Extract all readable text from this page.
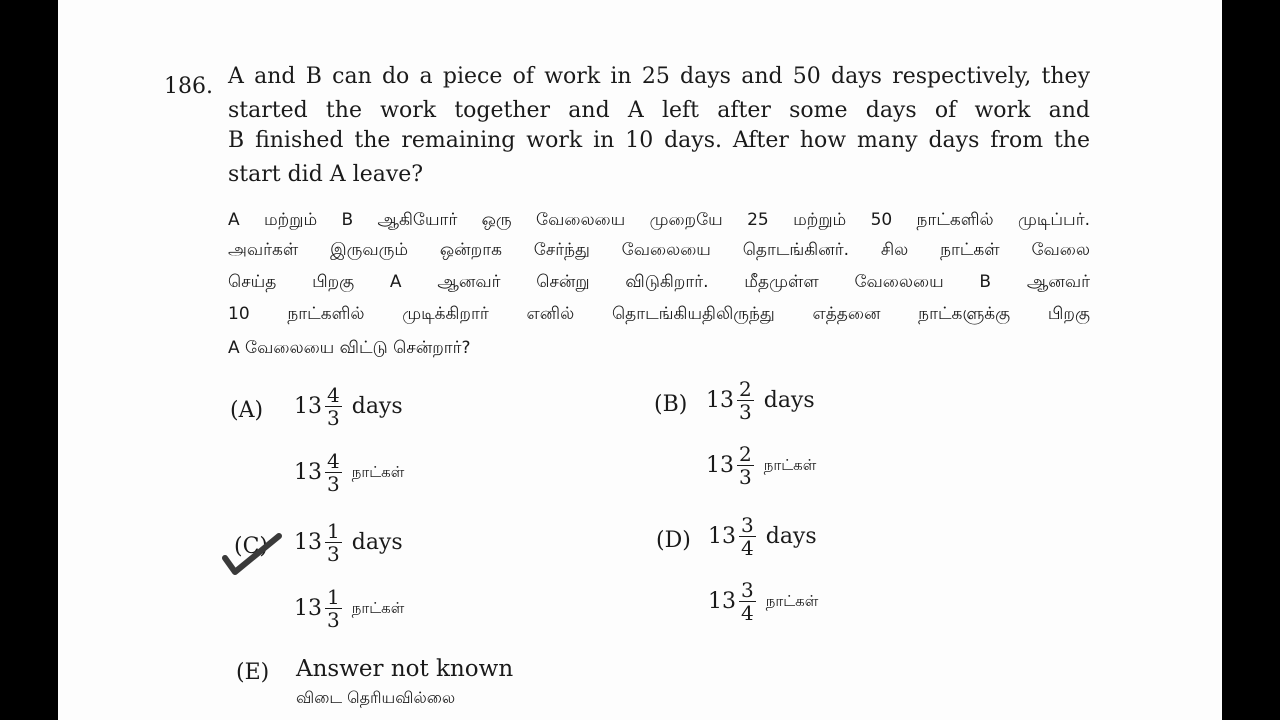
186. A and B can do a piece of work in 25 days and 50 days respectively, they
started the work together and A left after some days of work and
B finished the remaining work in 10 days. After how many days from the
start did A leave?
A மற்றும் B ஆகியோர் ஒரு வேலையை முறையே 25 மற்றும் 50 நாட்களில் முடிப்பர்.
அவர்கள் இருவரும் ஒன்றாக சேர்ந்து வேலையை தொடங்கினர். சில நாட்கள் வேலை
செய்த பிறகு A ஆனவர் சென்று விடுகிறார். மீதமுள்ள வேலையை B ஆனவர்
10 நாட்களில் முடிக்கிறார் எனில் தொடங்கியதிலிருந்து எத்தனை நாட்களுக்கு பிறகு
A வேலையை விட்டு சென்றார்?
(A) $13 \frac{4}{3}$ days
$13 \frac{4}{3}$ நாட்கள்
(B) $13 \frac{2}{3}$ days
$13 \frac{2}{3}$ நாட்கள்
(C) $13 \frac{1}{3}$ days
$13 \frac{1}{3}$ நாட்கள்
(D) $13 \frac{3}{4}$ days
$13 \frac{3}{4}$ நாட்கள்
(E) Answer not known
விடை தெரியவில்லை
